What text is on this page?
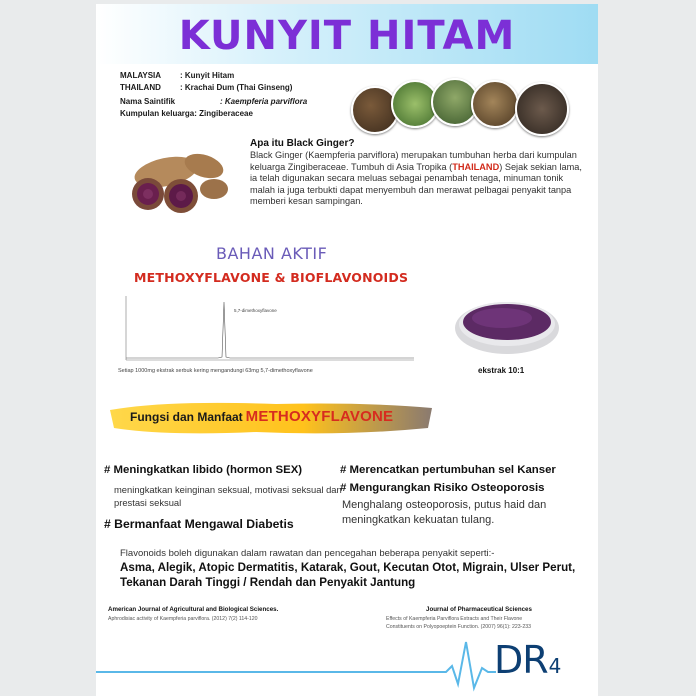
KUNYIT HITAM
MALAYSIA : Kunyit Hitam
THAILAND : Krachai Dum (Thai Ginseng)
Nama Saintifik	: Kaempferia parviflora
Kumpulan keluarga: Zingiberaceae
Apa itu Black Ginger?
Black Ginger (Kaempferia parviflora) merupakan tumbuhan herba dari kumpulan keluarga Zingiberaceae. Tumbuh di Asia Tropika (THAILAND) Sejak sekian lama, ia telah digunakan secara meluas sebagai penambah tenaga, minuman tonik malah ia juga terbukti dapat menyembuh dan merawat pelbagai penyakit tanpa memberi kesan sampingan.
BAHAN AKTIF
METHOXYFLAVONE & BIOFLAVONOIDS
5,7-dimethoxyflavone
Setiap 1000mg ekstrak serbuk kering mengandungi 63mg 5,7-dimethoxyflavone	ekstrak 10:1
Fungsi dan Manfaat METHOXYFLAVONE
# Meningkatkan libido (hormon SEX)
meningkatkan keinginan seksual, motivasi seksual dan prestasi seksual
# Bermanfaat Mengawal Diabetis
# Merencatkan pertumbuhan sel Kanser
# Mengurangkan Risiko Osteoporosis
Menghalang osteoporosis, putus haid dan meningkatkan kekuatan tulang.
Flavonoids boleh digunakan dalam rawatan dan pencegahan beberapa penyakit seperti:-
Asma, Alegik, Atopic Dermatitis, Katarak, Gout, Kecutan Otot, Migrain, Ulser Perut, Tekanan Darah Tinggi / Rendah dan Penyakit Jantung
American Journal of Agricultural and Biological Sciences.
Aphrodisiac activity of Kaempferia parviflora. (2012) 7(2) 114-120
Journal of Pharmaceutical Sciences
Effects of Kaempferia Parviflora Extracts and Their Flavone
Constituents on Polyopoeptein Function. (2007) 96(1): 223-233
DR4
